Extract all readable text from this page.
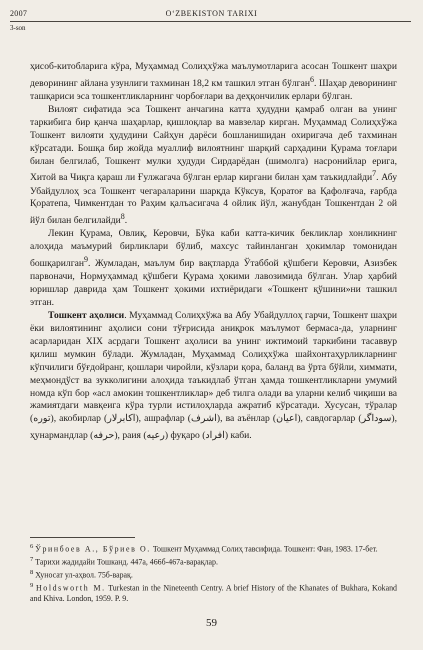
2007	O‘ZBEKISTON TARIXI
3-son

ҳисоб-китобларига кўра, Муҳаммад Солиҳхўжа маълумотларига асосан Тошкент шаҳри деворининг айлана узунлиги тахминан 18,2 км ташкил этган бўлган$^6$. Шаҳар деворининг ташқариси эса тошкентликларнинг чорбоғлари ва деҳқончилик ерлари бўлган.

Вилоят сифатида эса Тошкент анчагина катта ҳудудни қамраб олган ва унинг таркибига бир қанча шаҳарлар, қишлоқлар ва мавзелар кирган. Муҳаммад Солиҳхўжа Тошкент вилояти ҳудудини Сайҳун дарёси бошланишидан охиригача деб тахминан кўрсатади. Бошқа бир жойда муаллиф вилоятнинг шарқий сарҳадини Қурама тоғлари билан белгилаб, Тошкент мулки ҳудуди Сирдарёдан (шимолга) насронийлар ерига, Хитой ва Чиқга қараш ли Ғулжагача бўлган ерлар киргани билан ҳам таъкидлайди$^7$. Абу Убайдуллоҳ эса Тошкент чегараларини шарқда Кўксув, Қоратоғ ва Қафолғача, ғарбда Қоратепа, Чимкентдан то Раҳим қалъасигача 4 ойлик йўл, жанубдан Тошкентдан 2 ой йўл билан белгилайди$^8$.

Лекин Қурама, Овлиқ, Керовчи, Бўка каби катта-кичик бекликлар хонликнинг алоҳида маъмурий бирликлари бўлиб, махсус тайинланган ҳокимлар томонидан бошқарилган$^9$. Жумладан, маълум бир вақтларда Ўтаббой қўшбеги Керовчи, Азизбек парвоначи, Нормуҳаммад қўшбеги Қурама ҳокими лавозимида бўлган. Улар ҳарбий юришлар даврида ҳам Тошкент ҳокими ихтиёридаги «Тошкент қўшини»ни ташкил этган.

Тошкент аҳолиси. Муҳаммад Солиҳхўжа ва Абу Убайдуллоҳ гарчи, Тошкент шаҳри ёки вилоятининг аҳолиси сони тўғрисида аниқрок маълумот бермаса-да, уларнинг асарларидан XIX асрдаги Тошкент аҳолиси ва унинг ижтимоий таркибини тасаввур қилиш мумкин бўлади. Жумладан, Муҳаммад Солиҳхўжа шайхонтаҳурликларнинг кўпчилиги бўғдойранг, қошлари чиройли, кўзлари қора, баланд ва ўрта бўйли, химмати, меҳмондўст ва зукколигини алоҳида таъкидлаб ўтган ҳамда тошкентликларни умумий номда кўп бор «асл амокин тошкентликлар» деб тилга олади ва уларни келиб чиқиши ва жамиятдаги мавқеига кўра турли истилоҳларда ажратиб кўрсатади. Хусусан, тўралар (ﺗﻮﺭﻩ), акобирлар (ﺍﮐﺎﺑﺮﻻﺭ), ашрафлар (ﺍﺷﺮﻑ), ва аъёнлар (ﺍﻋﻴﺎﻥ), савдогарлар (ﺳﻮﺩﺍﮔﺮ), ҳунармандлар (ﺣﺮﻓﻪ), раия (ﺭﻋﻴﻪ) фуқаро (ﺍﻓﺮﺍﺩ) каби.

$^6$ Ўринбоев А., Бўриев О. Тошкент Муҳаммад Солиҳ тавсифида. Тошкент: Фан, 1983. 17-бет.

$^7$ Тарихи жадидайи Тошканд. 447а, 466б-467а-варақлар.

$^8$ Хуносат ул-аҳвол. 75б-варақ.

$^9$ Holdsworth M. Turkestan in the Nineteenth Centry. A brief History of the Khanates of Bukhara, Kokand and Khiva. London, 1959. P. 9.

59
